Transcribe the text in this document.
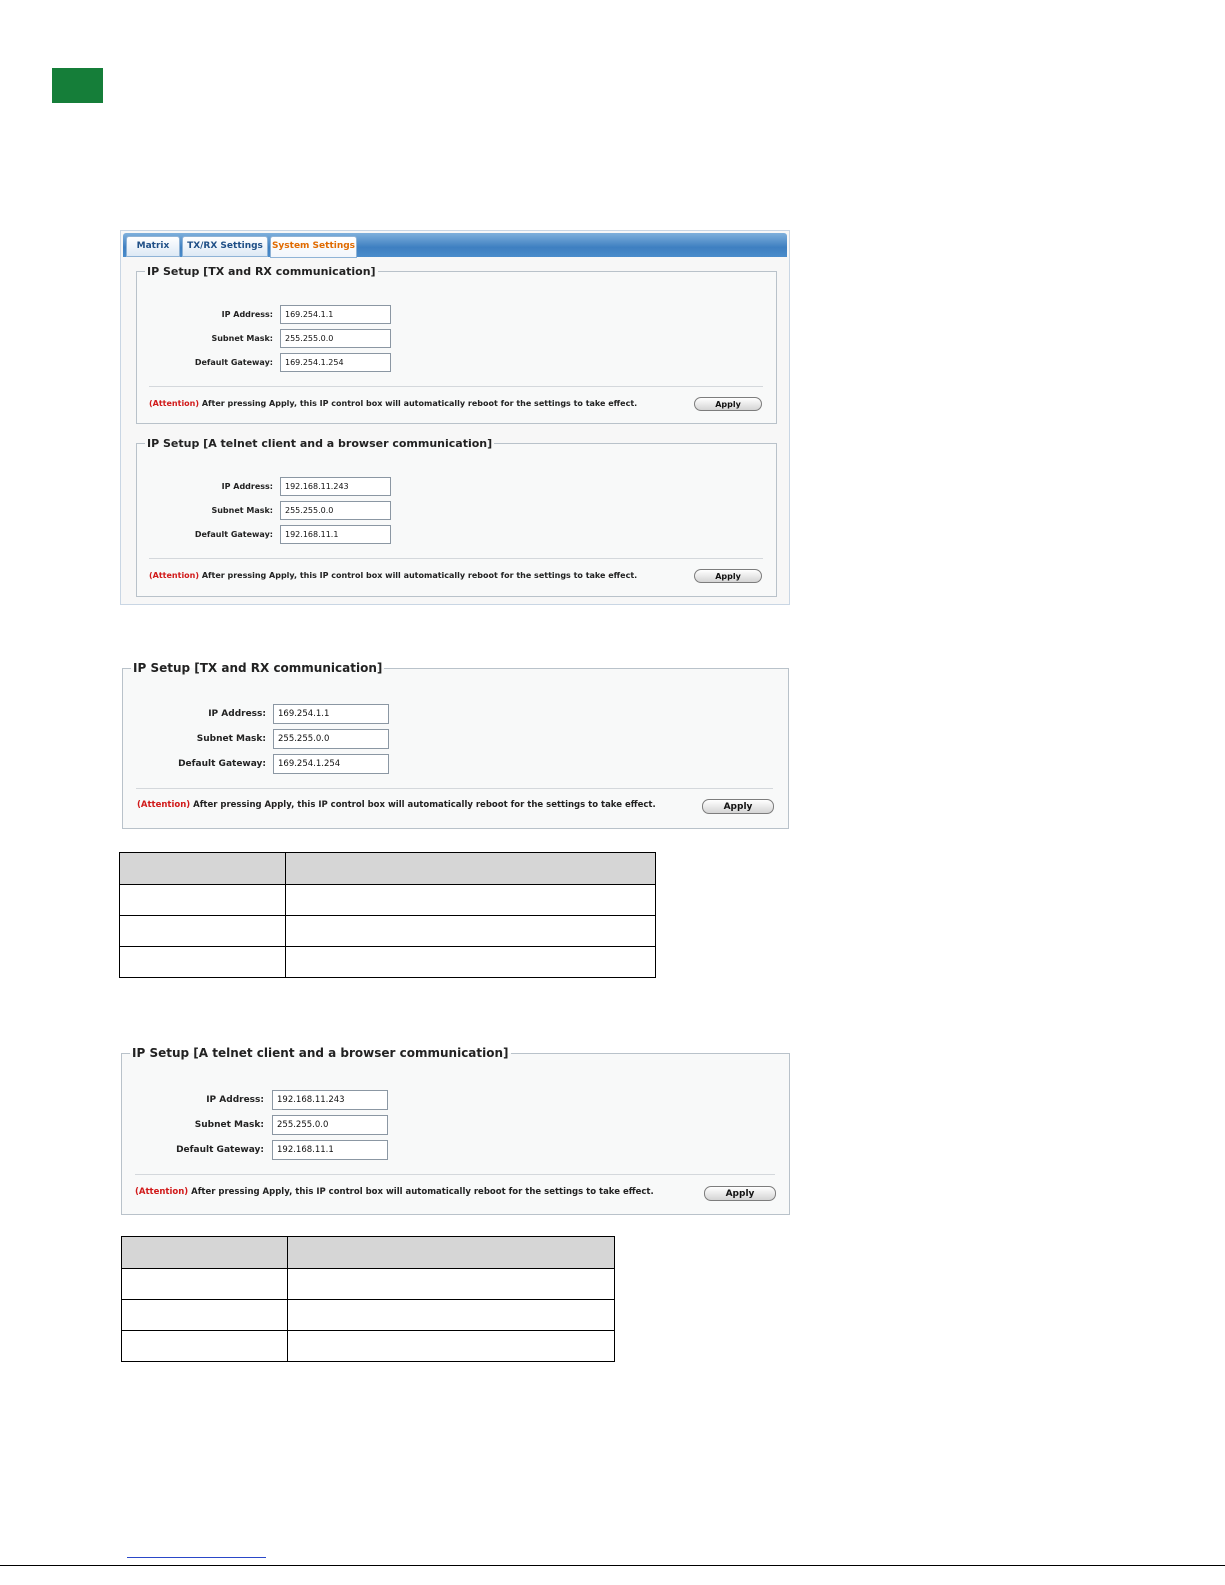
Matrix	TX/RX Settings	System Settings
IP Setup [TX and RX communication]
IP Address:
169.254.1.1
Subnet Mask:
255.255.0.0
Default Gateway:
169.254.1.254
(Attention) After pressing Apply, this IP control box will automatically reboot for the settings to take effect.	Apply
IP Setup [A telnet client and a browser communication]
IP Address:
192.168.11.243
Subnet Mask:
255.255.0.0
Default Gateway:
192.168.11.1
(Attention) After pressing Apply, this IP control box will automatically reboot for the settings to take effect.	Apply
IP Setup [TX and RX communication]
IP Address:
169.254.1.1
Subnet Mask:
255.255.0.0
Default Gateway:
169.254.1.254
(Attention) After pressing Apply, this IP control box will automatically reboot for the settings to take effect.	Apply

IP Setup [A telnet client and a browser communication]
IP Address:
192.168.11.243
Subnet Mask:
255.255.0.0
Default Gateway:
192.168.11.1
(Attention) After pressing Apply, this IP control box will automatically reboot for the settings to take effect.	Apply
